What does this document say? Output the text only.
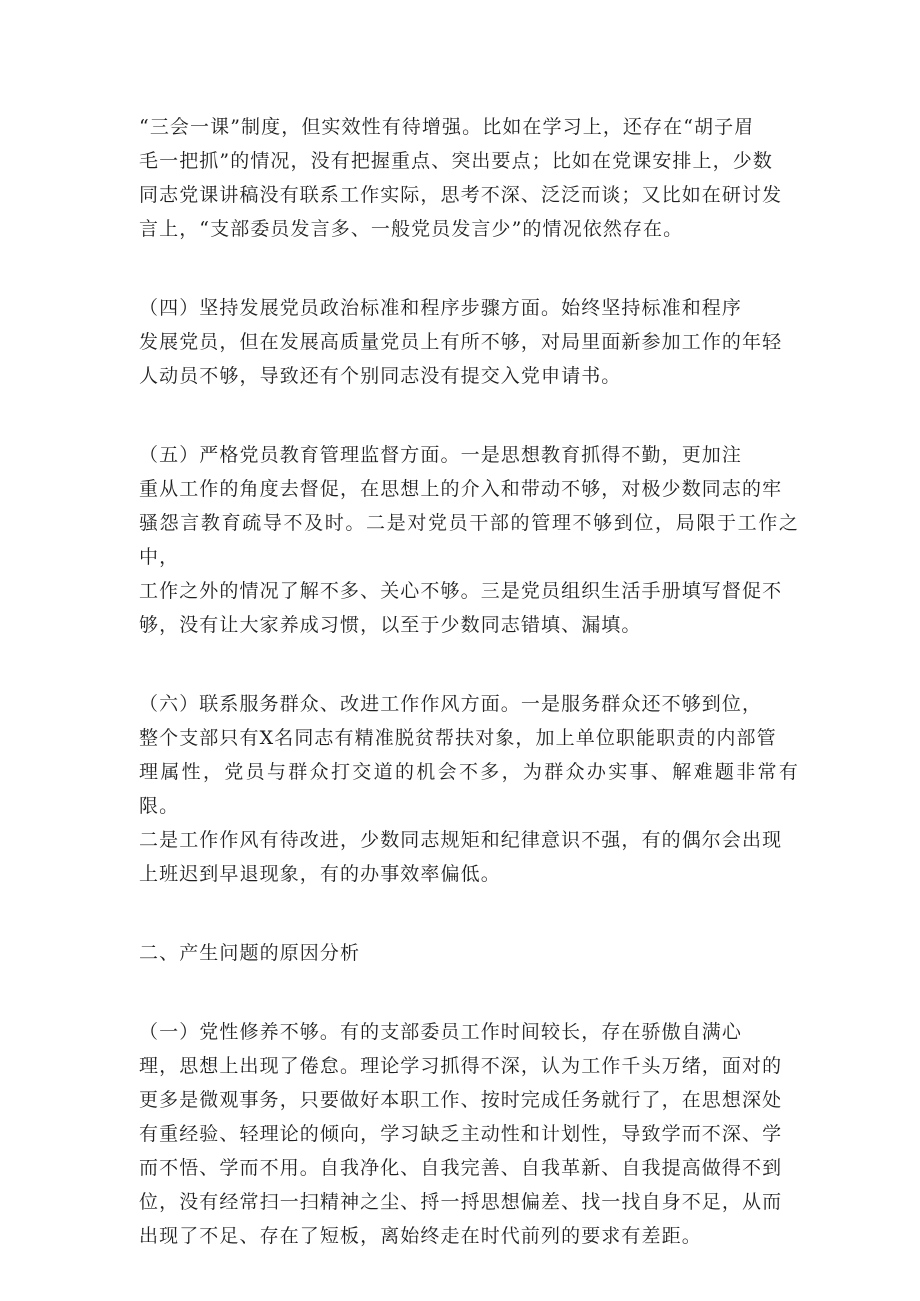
“三会一课”制度，但实效性有待增强。比如在学习上，还存在“胡子眉
毛一把抓”的情况，没有把握重点、突出要点；比如在党课安排上，少数
同志党课讲稿没有联系工作实际，思考不深、泛泛而谈；又比如在研讨发
言上，“支部委员发言多、一般党员发言少”的情况依然存在。

（四）坚持发展党员政治标准和程序步骤方面。始终坚持标准和程序
发展党员，但在发展高质量党员上有所不够，对局里面新参加工作的年轻
人动员不够，导致还有个别同志没有提交入党申请书。

（五）严格党员教育管理监督方面。一是思想教育抓得不勤，更加注
重从工作的角度去督促，在思想上的介入和带动不够，对极少数同志的牢
骚怨言教育疏导不及时。二是对党员干部的管理不够到位，局限于工作之中，
工作之外的情况了解不多、关心不够。三是党员组织生活手册填写督促不
够，没有让大家养成习惯，以至于少数同志错填、漏填。

（六）联系服务群众、改进工作作风方面。一是服务群众还不够到位，
整个支部只有X名同志有精准脱贫帮扶对象，加上单位职能职责的内部管
理属性，党员与群众打交道的机会不多，为群众办实事、解难题非常有限。
二是工作作风有待改进，少数同志规矩和纪律意识不强，有的偶尔会出现
上班迟到早退现象，有的办事效率偏低。

二、产生问题的原因分析

（一）党性修养不够。有的支部委员工作时间较长，存在骄傲自满心
理，思想上出现了倦怠。理论学习抓得不深，认为工作千头万绪，面对的
更多是微观事务，只要做好本职工作、按时完成任务就行了，在思想深处
有重经验、轻理论的倾向，学习缺乏主动性和计划性，导致学而不深、学
而不悟、学而不用。自我净化、自我完善、自我革新、自我提高做得不到
位，没有经常扫一扫精神之尘、捋一捋思想偏差、找一找自身不足，从而
出现了不足、存在了短板，离始终走在时代前列的要求有差距。
